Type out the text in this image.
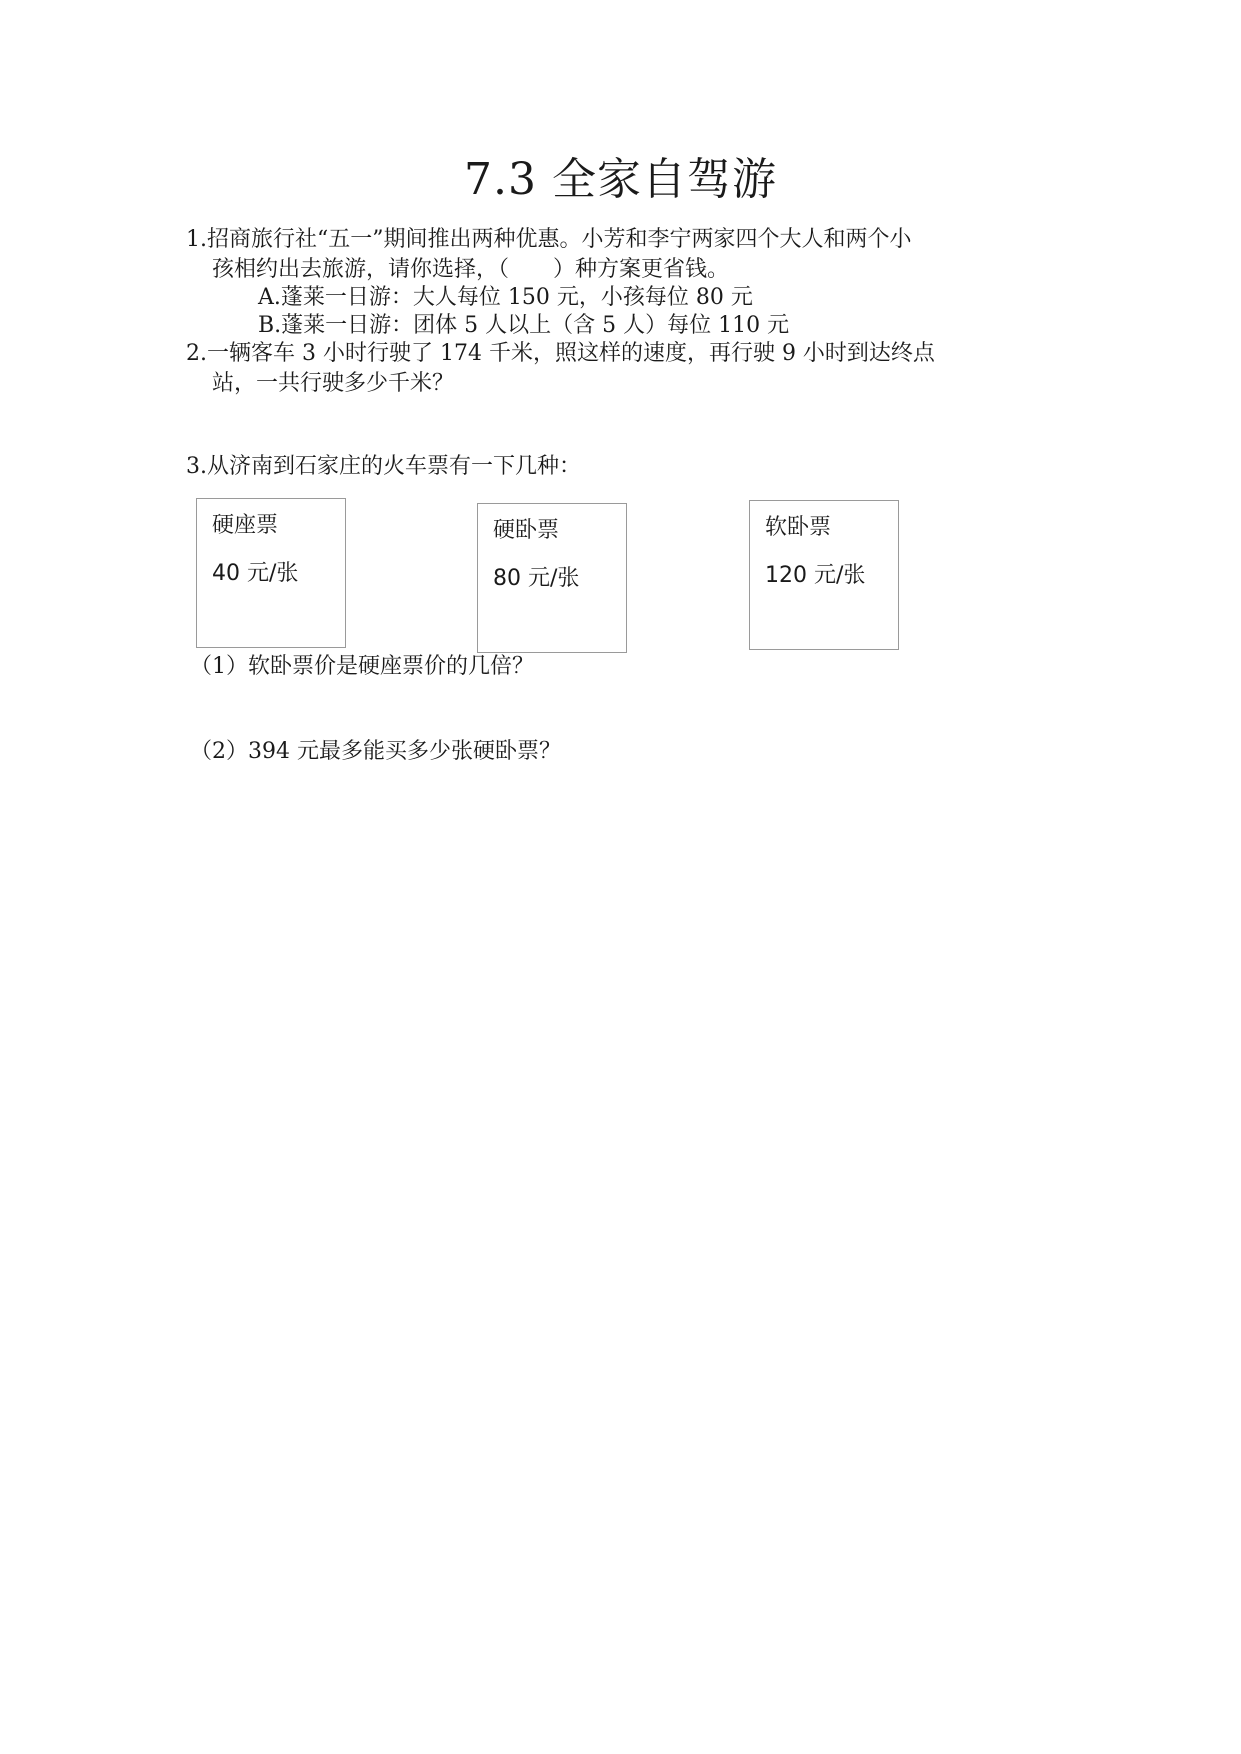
7.3 全家自驾游
1.招商旅行社“五一”期间推出两种优惠。小芳和李宁两家四个大人和两个小
孩相约出去旅游，请你选择，（　　）种方案更省钱。
A.蓬莱一日游：大人每位 150 元，小孩每位 80 元
B.蓬莱一日游：团体 5 人以上（含 5 人）每位 110 元
2.一辆客车 3 小时行驶了 174 千米，照这样的速度，再行驶 9 小时到达终点
站，一共行驶多少千米？
3.从济南到石家庄的火车票有一下几种：
硬座票
40 元/张
硬卧票
80 元/张
软卧票
120 元/张
（1）软卧票价是硬座票价的几倍？
（2）394 元最多能买多少张硬卧票？
